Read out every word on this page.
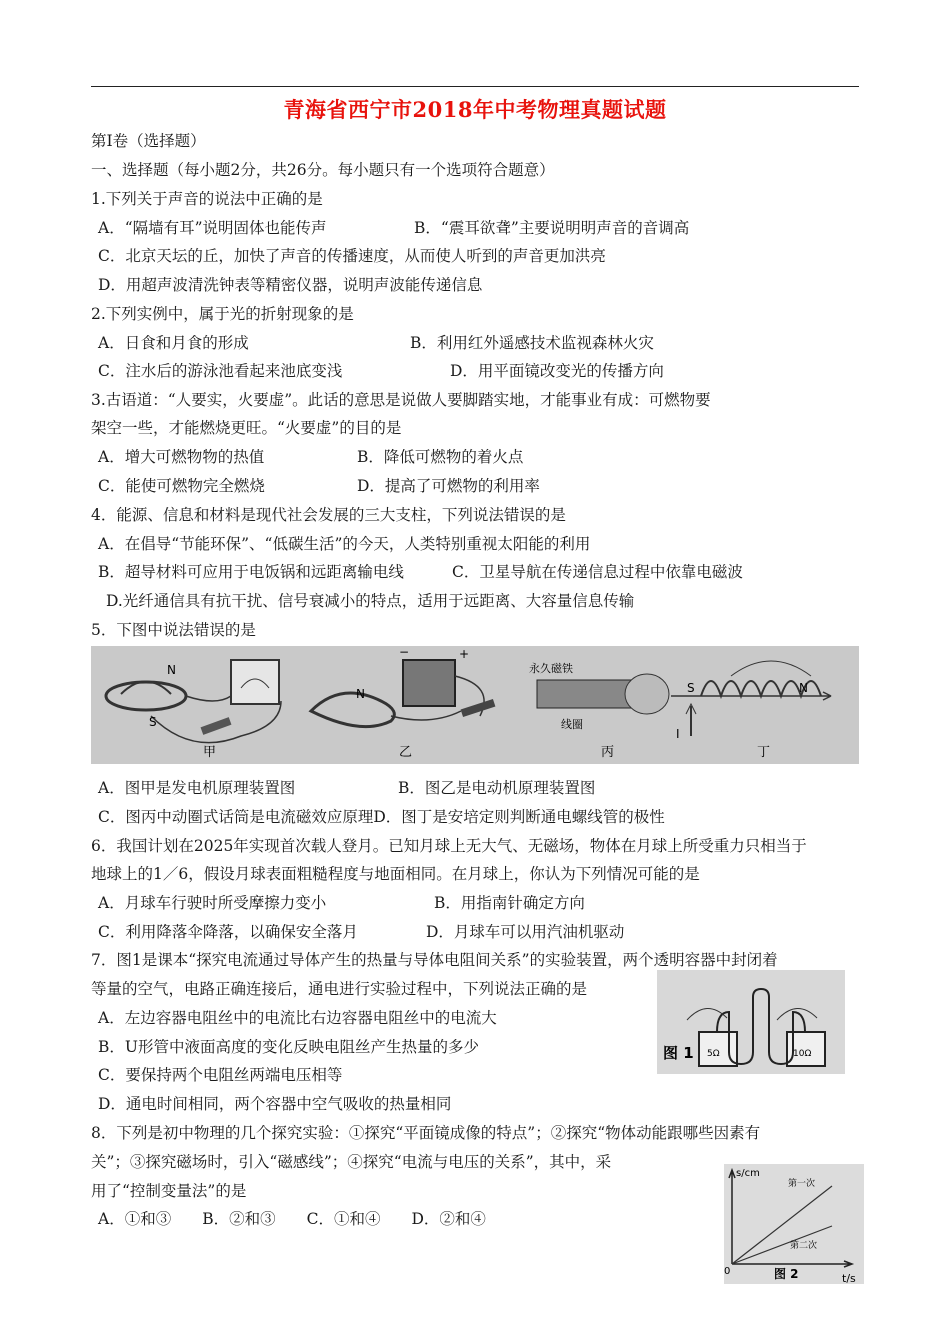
青海省西宁市2018年中考物理真题试题
第Ⅰ卷（选择题）
一、选择题（每小题2分，共26分。每小题只有一个选项符合题意）
1.下列关于声音的说法中正确的是
A．“隔墙有耳”说明固体也能传声	B．“震耳欲聋”主要说明明声音的音调高
C．北京天坛的丘，加快了声音的传播速度，从而使人听到的声音更加洪亮
D．用超声波清洗钟表等精密仪器，说明声波能传递信息
2.下列实例中，属于光的折射现象的是
A．日食和月食的形成	B．利用红外遥感技术监视森林火灾
C．注水后的游泳池看起来池底变浅	D．用平面镜改变光的传播方向
3.古语道：“人要实，火要虚”。此话的意思是说做人要脚踏实地，才能事业有成：可燃物要
架空一些，才能燃烧更旺。“火要虚”的目的是
A．增大可燃物物的热值	B．降低可燃物的着火点
C．能使可燃物完全燃烧	D．提高了可燃物的利用率
4．能源、信息和材料是现代社会发展的三大支柱，下列说法错误的是
A．在倡导“节能环保”、“低碳生活”的今天，人类特别重视太阳能的利用
B．超导材料可应用于电饭锅和远距离输电线	C．卫星导航在传递信息过程中依靠电磁波
D.光纤通信具有抗干扰、信号衰减小的特点，适用于远距离、大容量信息传输
5．下图中说法错误的是
N
S
甲
N
−	+
乙
永久磁铁
线圈
丙
S	N
I
丁
A．图甲是发电机原理装置图	B．图乙是电动机原理装置图
C．图丙中动圈式话筒是电流磁效应原理D．图丁是安培定则判断通电螺线管的极性
6．我国计划在2025年实现首次载人登月。已知月球上无大气、无磁场，物体在月球上所受重力只相当于
地球上的1／6，假设月球表面粗糙程度与地面相同。在月球上，你认为下列情况可能的是
A．月球车行驶时所受摩擦力变小	B．用指南针确定方向
C．利用降落伞降落，以确保安全落月	D．月球车可以用汽油机驱动
7．图1是课本“探究电流通过导体产生的热量与导体电阻间关系”的实验装置，两个透明容器中封闭着
等量的空气，电路正确连接后，通电进行实验过程中，下列说法正确的是
A．左边容器电阻丝中的电流比右边容器电阻丝中的电流大
B．U形管中液面高度的变化反映电阻丝产生热量的多少
C．要保持两个电阻丝两端电压相等
D．通电时间相同，两个容器中空气吸收的热量相同
图 1 5Ω	10Ω
8．下列是初中物理的几个探究实验：①探究“平面镜成像的特点”；②探究“物体动能跟哪些因素有
关”；③探究磁场时，引入“磁感线”；④探究“电流与电压的关系”，其中，采
用了“控制变量法”的是
A．①和③　　B．②和③　　C．①和④　　D．②和④
s/cm
t/s
0
第一次
第二次
图 2
